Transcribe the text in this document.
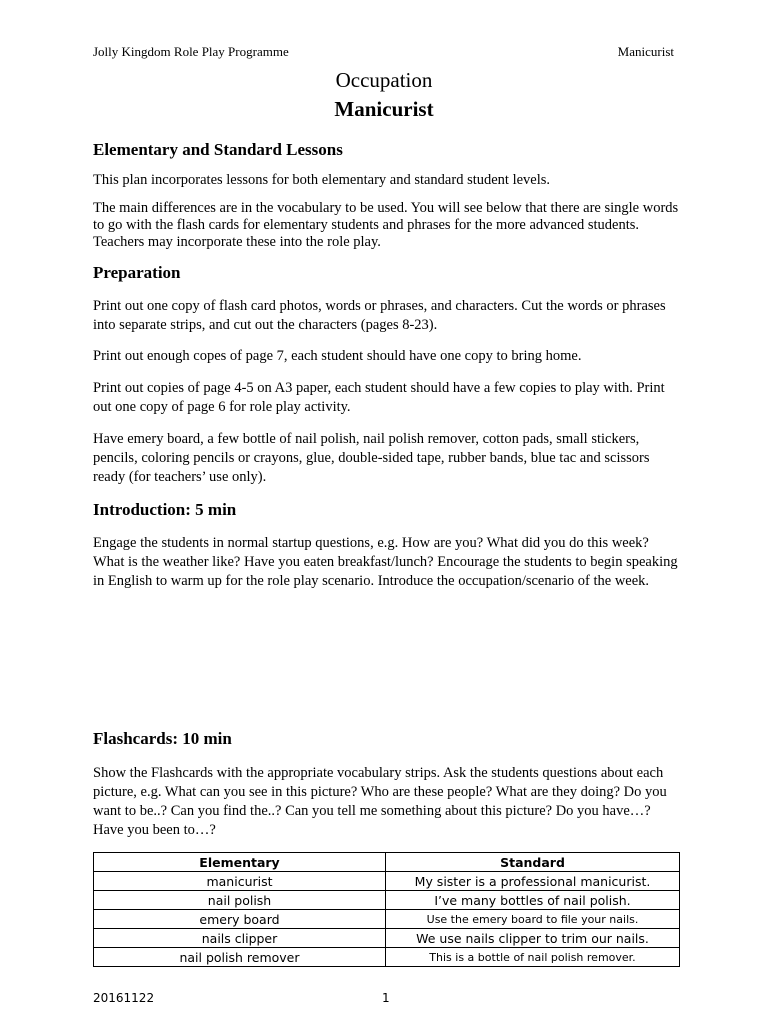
Jolly Kingdom Role Play Programme	Manicurist
Occupation
Manicurist
Elementary and Standard Lessons

This plan incorporates lessons for both elementary and standard student levels.

The main differences are in the vocabulary to be used. You will see below that there are single words to go with the flash cards for elementary students and phrases for the more advanced students. Teachers may incorporate these into the role play.

Preparation

Print out one copy of flash card photos, words or phrases, and characters. Cut the words or phrases into separate strips, and cut out the characters (pages 8-23).

Print out enough copes of page 7, each student should have one copy to bring home.

Print out copies of page 4-5 on A3 paper, each student should have a few copies to play with. Print out one copy of page 6 for role play activity.

Have emery board, a few bottle of nail polish, nail polish remover, cotton pads, small stickers, pencils, coloring pencils or crayons, glue, double-sided tape, rubber bands, blue tac and scissors ready (for teachers’ use only).

Introduction: 5 min

Engage the students in normal startup questions, e.g. How are you? What did you do this week? What is the weather like? Have you eaten breakfast/lunch? Encourage the students to begin speaking in English to warm up for the role play scenario. Introduce the occupation/scenario of the week.

Flashcards: 10 min

Show the Flashcards with the appropriate vocabulary strips. Ask the students questions about each picture, e.g. What can you see in this picture? Who are these people? What are they doing? Do you want to be..? Can you find the..? Can you tell me something about this picture? Do you have…? Have you been to…?

Elementary	Standard
manicurist	My sister is a professional manicurist.
nail polish	I’ve many bottles of nail polish.
emery board	Use the emery board to file your nails.
nails clipper	We use nails clipper to trim our nails.
nail polish remover	This is a bottle of nail polish remover.
20161122	1
